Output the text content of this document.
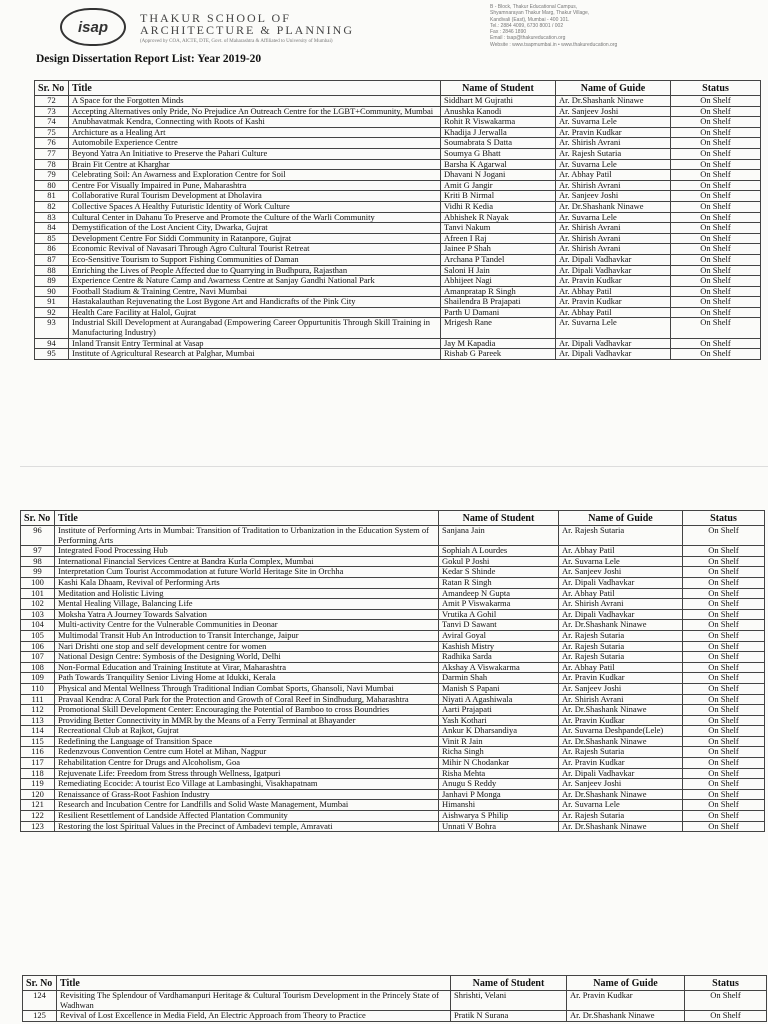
isap
THAKUR SCHOOL OF
ARCHITECTURE & PLANNING
(Approved by COA, AICTE, DTE, Govt. of Maharashtra & Affiliated to University of Mumbai)
B - Block, Thakur Educational Campus,
Shyamnarayan Thakur Marg, Thakur Village,
Kandivali (East), Mumbai - 400 101.
Tel.: 2884 4099, 6730 8001 / 002
Fax : 2846 1890
Email : tsap@thakureducation.org
Website : www.tsapmumbai.in • www.thakureducation.org
Design Dissertation Report List: Year 2019-20
Sr. No	Title	Name of Student	Name of Guide	Status
72	A Space for the Forgotten Minds	Siddhart M Gujrathi	Ar. Dr.Shashank Ninawe	On Shelf
73	Accepting Alternatives only Pride, No Prejudice An Outreach Centre for the LGBT+Community, Mumbai	Anushka Kanodi	Ar. Sanjeev Joshi	On Shelf
74	Anubhavatmak Kendra, Connecting with Roots of Kashi	Rohit R Viswakarma	Ar. Suvarna Lele	On Shelf
75	Archicture as a Healing Art	Khadija J Jerwalla	Ar. Pravin Kudkar	On Shelf
76	Automobile Experience Centre	Soumabrata S Datta	Ar. Shirish Avrani	On Shelf
77	Beyond Yatra An Initiative to Preserve the Pahari Culture	Soumya G Bhatt	Ar. Rajesh Sutaria	On Shelf
78	Brain Fit Centre at Kharghar	Barsha K Agarwal	Ar. Suvarna Lele	On Shelf
79	Celebrating Soil: An Awarness and Exploration Centre for Soil	Dhavani N Jogani	Ar. Abhay Patil	On Shelf
80	Centre For Visually Impaired in Pune, Maharashtra	Amit G Jangir	Ar. Shirish Avrani	On Shelf
81	Collaborative Rural Tourism Development at Dholavira	Kriti B Nirmal	Ar. Sanjeev Joshi	On Shelf
82	Collective Spaces A Healthy Futuristic Identity of Work Culture	Vidhi R Kedia	Ar. Dr.Shashank Ninawe	On Shelf
83	Cultural Center in Dahanu To Preserve and Promote the Culture of the Warli Community	Abhishek R Nayak	Ar. Suvarna Lele	On Shelf
84	Demystification of the Lost Ancient City, Dwarka, Gujrat	Tanvi Nakum	Ar. Shirish Avrani	On Shelf
85	Development Centre For Siddi Community in Ratanpore, Gujrat	Afreen I Raj	Ar. Shirish Avrani	On Shelf
86	Economic Revival of Navasari Through Agro Cultural Tourist Retreat	Jainee P Shah	Ar. Shirish Avrani	On Shelf
87	Eco-Sensitive Tourism to Support Fishing Communities of Daman	Archana P Tandel	Ar. Dipali Vadhavkar	On Shelf
88	Enriching the Lives of People Affected due to Quarrying in Budhpura, Rajasthan	Saloni H Jain	Ar. Dipali Vadhavkar	On Shelf
89	Experience Centre & Nature Camp and Awarness Centre at Sanjay Gandhi National Park	Abhijeet Nagi	Ar. Pravin Kudkar	On Shelf
90	Football Stadium & Training Centre, Navi Mumbai	Amanpratap R Singh	Ar. Abhay Patil	On Shelf
91	Hastakalauthan Rejuvenating the Lost Bygone Art and Handicrafts of the Pink City	Shailendra B Prajapati	Ar. Pravin Kudkar	On Shelf
92	Health Care Facility at Halol, Gujrat	Parth U Damani	Ar. Abhay Patil	On Shelf
93	Industrial Skill Development at Aurangabad (Empowering Career Oppurtunitis Through Skill Training in Manufacturing Industry)	Mrigesh Rane	Ar. Suvarna Lele	On Shelf
94	Inland Transit Entry Terminal at Vasap	Jay M Kapadia	Ar. Dipali Vadhavkar	On Shelf
95	Institute of Agricultural Research at Palghar, Mumbai	Rishab G Pareek	Ar. Dipali Vadhavkar	On Shelf
Sr. No	Title	Name of Student	Name of Guide	Status
96	Institute of Performing Arts in Mumbai: Transition of Traditation to Urbanization in the Education System of Performing Arts	Sanjana Jain	Ar. Rajesh Sutaria	On Shelf
97	Integrated Food Processing Hub	Sophiah A Lourdes	Ar. Abhay Patil	On Shelf
98	International Financial Services Centre at Bandra Kurla Complex, Mumbai	Gokul P Joshi	Ar. Suvarna Lele	On Shelf
99	Interpretation Cum Tourist Accommodation at future World Heritage Site in Orchha	Kedar S Shinde	Ar. Sanjeev Joshi	On Shelf
100	Kashi Kala Dhaam, Revival of Performing Arts	Ratan R Singh	Ar. Dipali Vadhavkar	On Shelf
101	Meditation and Holistic Living	Amandeep N Gupta	Ar. Abhay Patil	On Shelf
102	Mental Healing Village, Balancing Life	Amit P Viswakarma	Ar. Shirish Avrani	On Shelf
103	Moksha Yatra A Journey Towards Salvation	Vrutika A Gohil	Ar. Dipali Vadhavkar	On Shelf
104	Multi-activity Centre for the Vulnerable Communities in Deonar	Tanvi D Sawant	Ar. Dr.Shashank Ninawe	On Shelf
105	Multimodal Transit Hub An Introduction to Transit Interchange, Jaipur	Aviral Goyal	Ar. Rajesh Sutaria	On Shelf
106	Nari Drishti one stop and self development centre for women	Kashish Mistry	Ar. Rajesh Sutaria	On Shelf
107	National Design Centre: Symbosis of the Designing World, Delhi	Radhika Sarda	Ar. Rajesh Sutaria	On Shelf
108	Non-Formal Education and Training Institute at Virar, Maharashtra	Akshay A Viswakarma	Ar. Abhay Patil	On Shelf
109	Path Towards Tranquility Senior Living Home at Idukki, Kerala	Darmin Shah	Ar. Pravin Kudkar	On Shelf
110	Physical and Mental Wellness Through Traditional Indian Combat Sports, Ghansoli, Navi Mumbai	Manish S Papani	Ar. Sanjeev Joshi	On Shelf
111	Pravaal Kendra: A Coral Park for the Protection and Growth of Coral Reef in Sindhudurg, Maharashtra	Niyati A Agashiwala	Ar. Shirish Avrani	On Shelf
112	Promotional Skill Development Center: Encouraging the Potential of Bamboo to cross Boundries	Aarti Prajapati	Ar. Dr.Shashank Ninawe	On Shelf
113	Providing Better Connectivity in MMR by the Means of a Ferry Terminal at Bhayander	Yash Kothari	Ar. Pravin Kudkar	On Shelf
114	Recreational Club at Rajkot, Gujrat	Ankur K Dharsandiya	Ar. Suvarna Deshpande(Lele)	On Shelf
115	Redefining the Language of Transition Space	Vinit R Jain	Ar. Dr.Shashank Ninawe	On Shelf
116	Redenzvous Convention Centre cum Hotel at Mihan, Nagpur	Richa Singh	Ar. Rajesh Sutaria	On Shelf
117	Rehabilitation Centre for Drugs and Alcoholism, Goa	Mihir N Chodankar	Ar. Pravin Kudkar	On Shelf
118	Rejuvenate Life: Freedom from Stress through Wellness, Igatpuri	Risha Mehta	Ar. Dipali Vadhavkar	On Shelf
119	Remediating Ecocide: A tourist Eco Village at Lambasinghi, Visakhapatnam	Anugu S Reddy	Ar. Sanjeev Joshi	On Shelf
120	Renaissance of Grass-Root Fashion Industry	Janhavi P Monga	Ar. Dr.Shashank Ninawe	On Shelf
121	Research and Incubation Centre for Landfills and Solid Waste Management, Mumbai	Himanshi	Ar. Suvarna Lele	On Shelf
122	Resilient Resettlement of Landside Affected Plantation Community	Aishwarya S Philip	Ar. Rajesh Sutaria	On Shelf
123	Restoring the lost Spiritual Values in the Precinct of Ambadevi temple, Amravati	Unnati V Bohra	Ar. Dr.Shashank Ninawe	On Shelf
Sr. No	Title	Name of Student	Name of Guide	Status
124	Revisiting The Splendour of Vardhamanpuri Heritage & Cultural Tourism Development in the Princely State of Wadhwan	Shrishti, Velani	Ar. Pravin Kudkar	On Shelf
125	Revival of Lost Excellence in Media Field, An Electric Approach from Theory to Practice	Pratik N Surana	Ar. Dr.Shashank Ninawe	On Shelf
